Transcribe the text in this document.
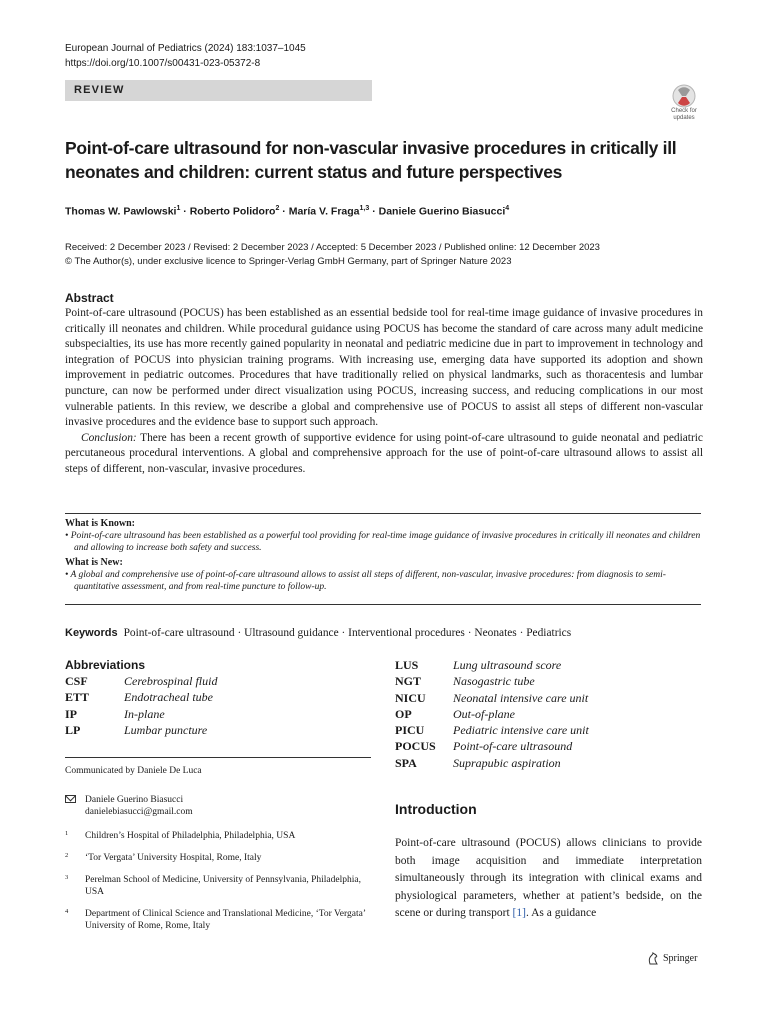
European Journal of Pediatrics (2024) 183:1037–1045
https://doi.org/10.1007/s00431-023-05372-8
REVIEW
Check for updates
Point-of-care ultrasound for non-vascular invasive procedures in critically ill neonates and children: current status and future perspectives
Thomas W. Pawlowski$^1$ · Roberto Polidoro$^2$ · María V. Fraga$^{1,3}$ · Daniele Guerino Biasucci$^4$
Received: 2 December 2023 / Revised: 2 December 2023 / Accepted: 5 December 2023 / Published online: 12 December 2023
© The Author(s), under exclusive licence to Springer-Verlag GmbH Germany, part of Springer Nature 2023
Abstract

Point-of-care ultrasound (POCUS) has been established as an essential bedside tool for real-time image guidance of invasive procedures in critically ill neonates and children. While procedural guidance using POCUS has become the standard of care across many adult medicine subspecialties, its use has more recently gained popularity in neonatal and pediatric medicine due in part to improvement in technology and integration of POCUS into physician training programs. With increasing use, emerging data have supported its adoption and shown improvement in pediatric outcomes. Procedures that have traditionally relied on physical landmarks, such as thoracentesis and lumbar puncture, can now be performed under direct visualization using POCUS, increasing success, and reducing complications in our most vulnerable patients. In this review, we describe a global and comprehensive use of POCUS to assist all steps of different non-vascular invasive procedures and the evidence base to support such approach.

Conclusion: There has been a recent growth of supportive evidence for using point-of-care ultrasound to guide neonatal and pediatric percutaneous procedural interventions. A global and comprehensive approach for the use of point-of-care ultrasound allows to assist all steps of different, non-vascular, invasive procedures.

What is Known:
• Point-of-care ultrasound has been established as a powerful tool providing for real-time image guidance of invasive procedures in critically ill neonates and children and allowing to increase both safety and success.
What is New:
• A global and comprehensive use of point-of-care ultrasound allows to assist all steps of different, non-vascular, invasive procedures: from diagnosis to semi-quantitative assessment, and from real-time puncture to follow-up.
Keywords Point-of-care ultrasound · Ultrasound guidance · Interventional procedures · Neonates · Pediatrics
Abbreviations
CSF	Cerebrospinal fluid
ETT	Endotracheal tube
IP	In-plane
LP	Lumbar puncture
LUS	Lung ultrasound score
NGT	Nasogastric tube
NICU	Neonatal intensive care unit
OP	Out-of-plane
PICU	Pediatric intensive care unit
POCUS	Point-of-care ultrasound
SPA	Suprapubic aspiration
Communicated by Daniele De Luca
Daniele Guerino Biasucci
danielebiasucci@gmail.com
1 Children’s Hospital of Philadelphia, Philadelphia, USA
2 ‘Tor Vergata’ University Hospital, Rome, Italy
3 Perelman School of Medicine, University of Pennsylvania, Philadelphia, USA
4 Department of Clinical Science and Translational Medicine, ‘Tor Vergata’ University of Rome, Rome, Italy
Introduction
Point-of-care ultrasound (POCUS) allows clinicians to provide both image acquisition and immediate interpretation simultaneously through its integration with clinical exams and physiological parameters, whether at patient’s bedside, on the scene or during transport [1]. As a guidance
Springer
